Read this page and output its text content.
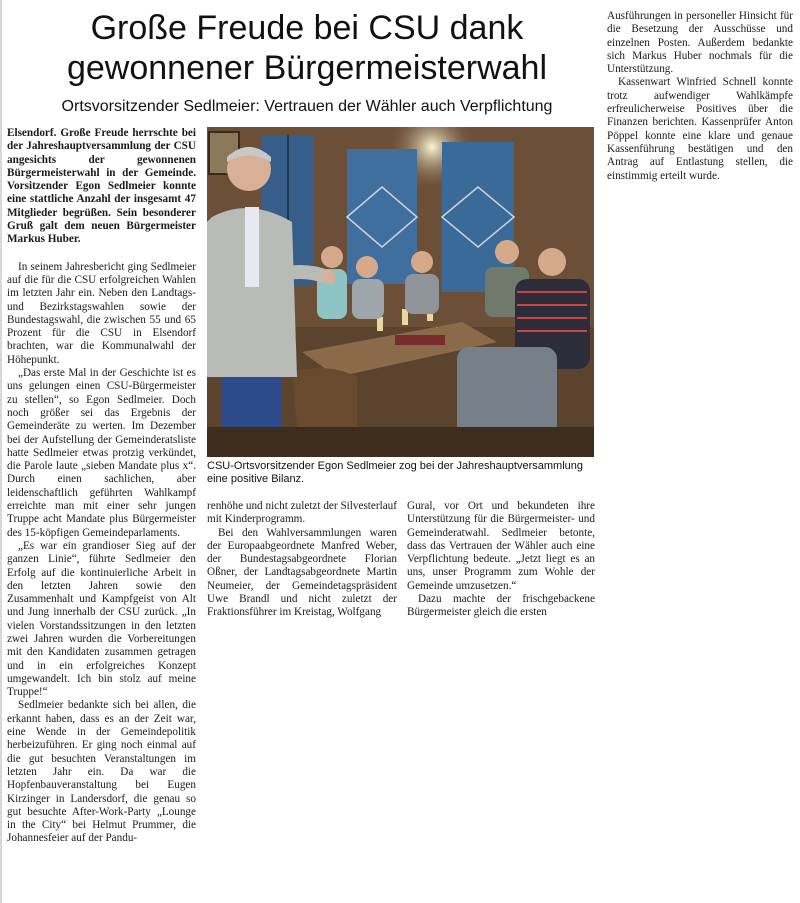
Große Freude bei CSU dank
gewonnener Bürgermeisterwahl
Ortsvorsitzender Sedlmeier: Vertrauen der Wähler auch Verpflichtung

Elsendorf. Große Freude herrschte bei der Jahreshauptversammlung der CSU angesichts der gewonnenen Bürgermeisterwahl in der Gemeinde. Vorsitzender Egon Sedlmeier konnte eine stattliche Anzahl der insgesamt 47 Mitglieder begrüßen. Sein besonderer Gruß galt dem neuen Bürgermeister Markus Huber.

In seinem Jahresbericht ging Sedlmeier auf die für die CSU erfolgreichen Wahlen im letzten Jahr ein. Neben den Landtags- und Bezirkstagswahlen sowie der Bundestagswahl, die zwischen 55 und 65 Prozent für die CSU in Elsendorf brachten, war die Kommunalwahl der Höhepunkt.

„Das erste Mal in der Geschichte ist es uns gelungen einen CSU-Bürgermeister zu stellen“, so Egon Sedlmeier. Doch noch größer sei das Ergebnis der Gemeinderäte zu werten. Im Dezember bei der Aufstellung der Gemeinderatsliste hatte Sedlmeier etwas protzig verkündet, die Parole laute „sieben Mandate plus x“. Durch einen sachlichen, aber leidenschaftlich geführten Wahlkampf erreichte man mit einer sehr jungen Truppe acht Mandate plus Bürgermeister des 15-köpfigen Gemeindeparlaments.

„Es war ein grandioser Sieg auf der ganzen Linie“, führte Sedlmeier den Erfolg auf die kontinuierliche Arbeit in den letzten Jahren sowie den Zusammenhalt und Kampfgeist von Alt und Jung innerhalb der CSU zurück. „In vielen Vorstandssitzungen in den letzten zwei Jahren wurden die Vorbereitungen mit den Kandidaten zusammen getragen und in ein erfolgreiches Konzept umgewandelt. Ich bin stolz auf meine Truppe!“

Sedlmeier bedankte sich bei allen, die erkannt haben, dass es an der Zeit war, eine Wende in der Gemeindepolitik herbeizuführen. Er ging noch einmal auf die gut besuchten Veranstaltungen im letzten Jahr ein. Da war die Hopfenbauveranstaltung bei Eugen Kirzinger in Landersdorf, die genau so gut besuchte After-Work-Party „Lounge in the City“ bei Helmut Prummer, die Johannesfeier auf der Pandu-

CSU-Ortsvorsitzender Egon Sedlmeier zog bei der Jahreshauptversammlung eine positive Bilanz.

renhöhe und nicht zuletzt der Silvesterlauf mit Kinderprogramm.

Bei den Wahlversammlungen waren der Europaabgeordnete Manfred Weber, der Bundestagsabgeordnete Florian Oßner, der Landtagsabgeordnete Martin Neumeier, der Gemeindetagspräsident Uwe Brandl und nicht zuletzt der Fraktionsführer im Kreistag, Wolfgang

Gural, vor Ort und bekundeten ihre Unterstützung für die Bürgermeister- und Gemeinderatwahl. Sedlmeier betonte, dass das Vertrauen der Wähler auch eine Verpflichtung bedeute. „Jetzt liegt es an uns, unser Programm zum Wohle der Gemeinde umzusetzen.“

Dazu machte der frischgebackene Bürgermeister gleich die ersten

Ausführungen in personeller Hinsicht für die Besetzung der Ausschüsse und einzelnen Posten. Außerdem bedankte sich Markus Huber nochmals für die Unterstützung.

Kassenwart Winfried Schnell konnte trotz aufwendiger Wahlkämpfe erfreulicherweise Positives über die Finanzen berichten. Kassenprüfer Anton Pöppel konnte eine klare und genaue Kassenführung bestätigen und den Antrag auf Entlastung stellen, die einstimmig erteilt wurde.
